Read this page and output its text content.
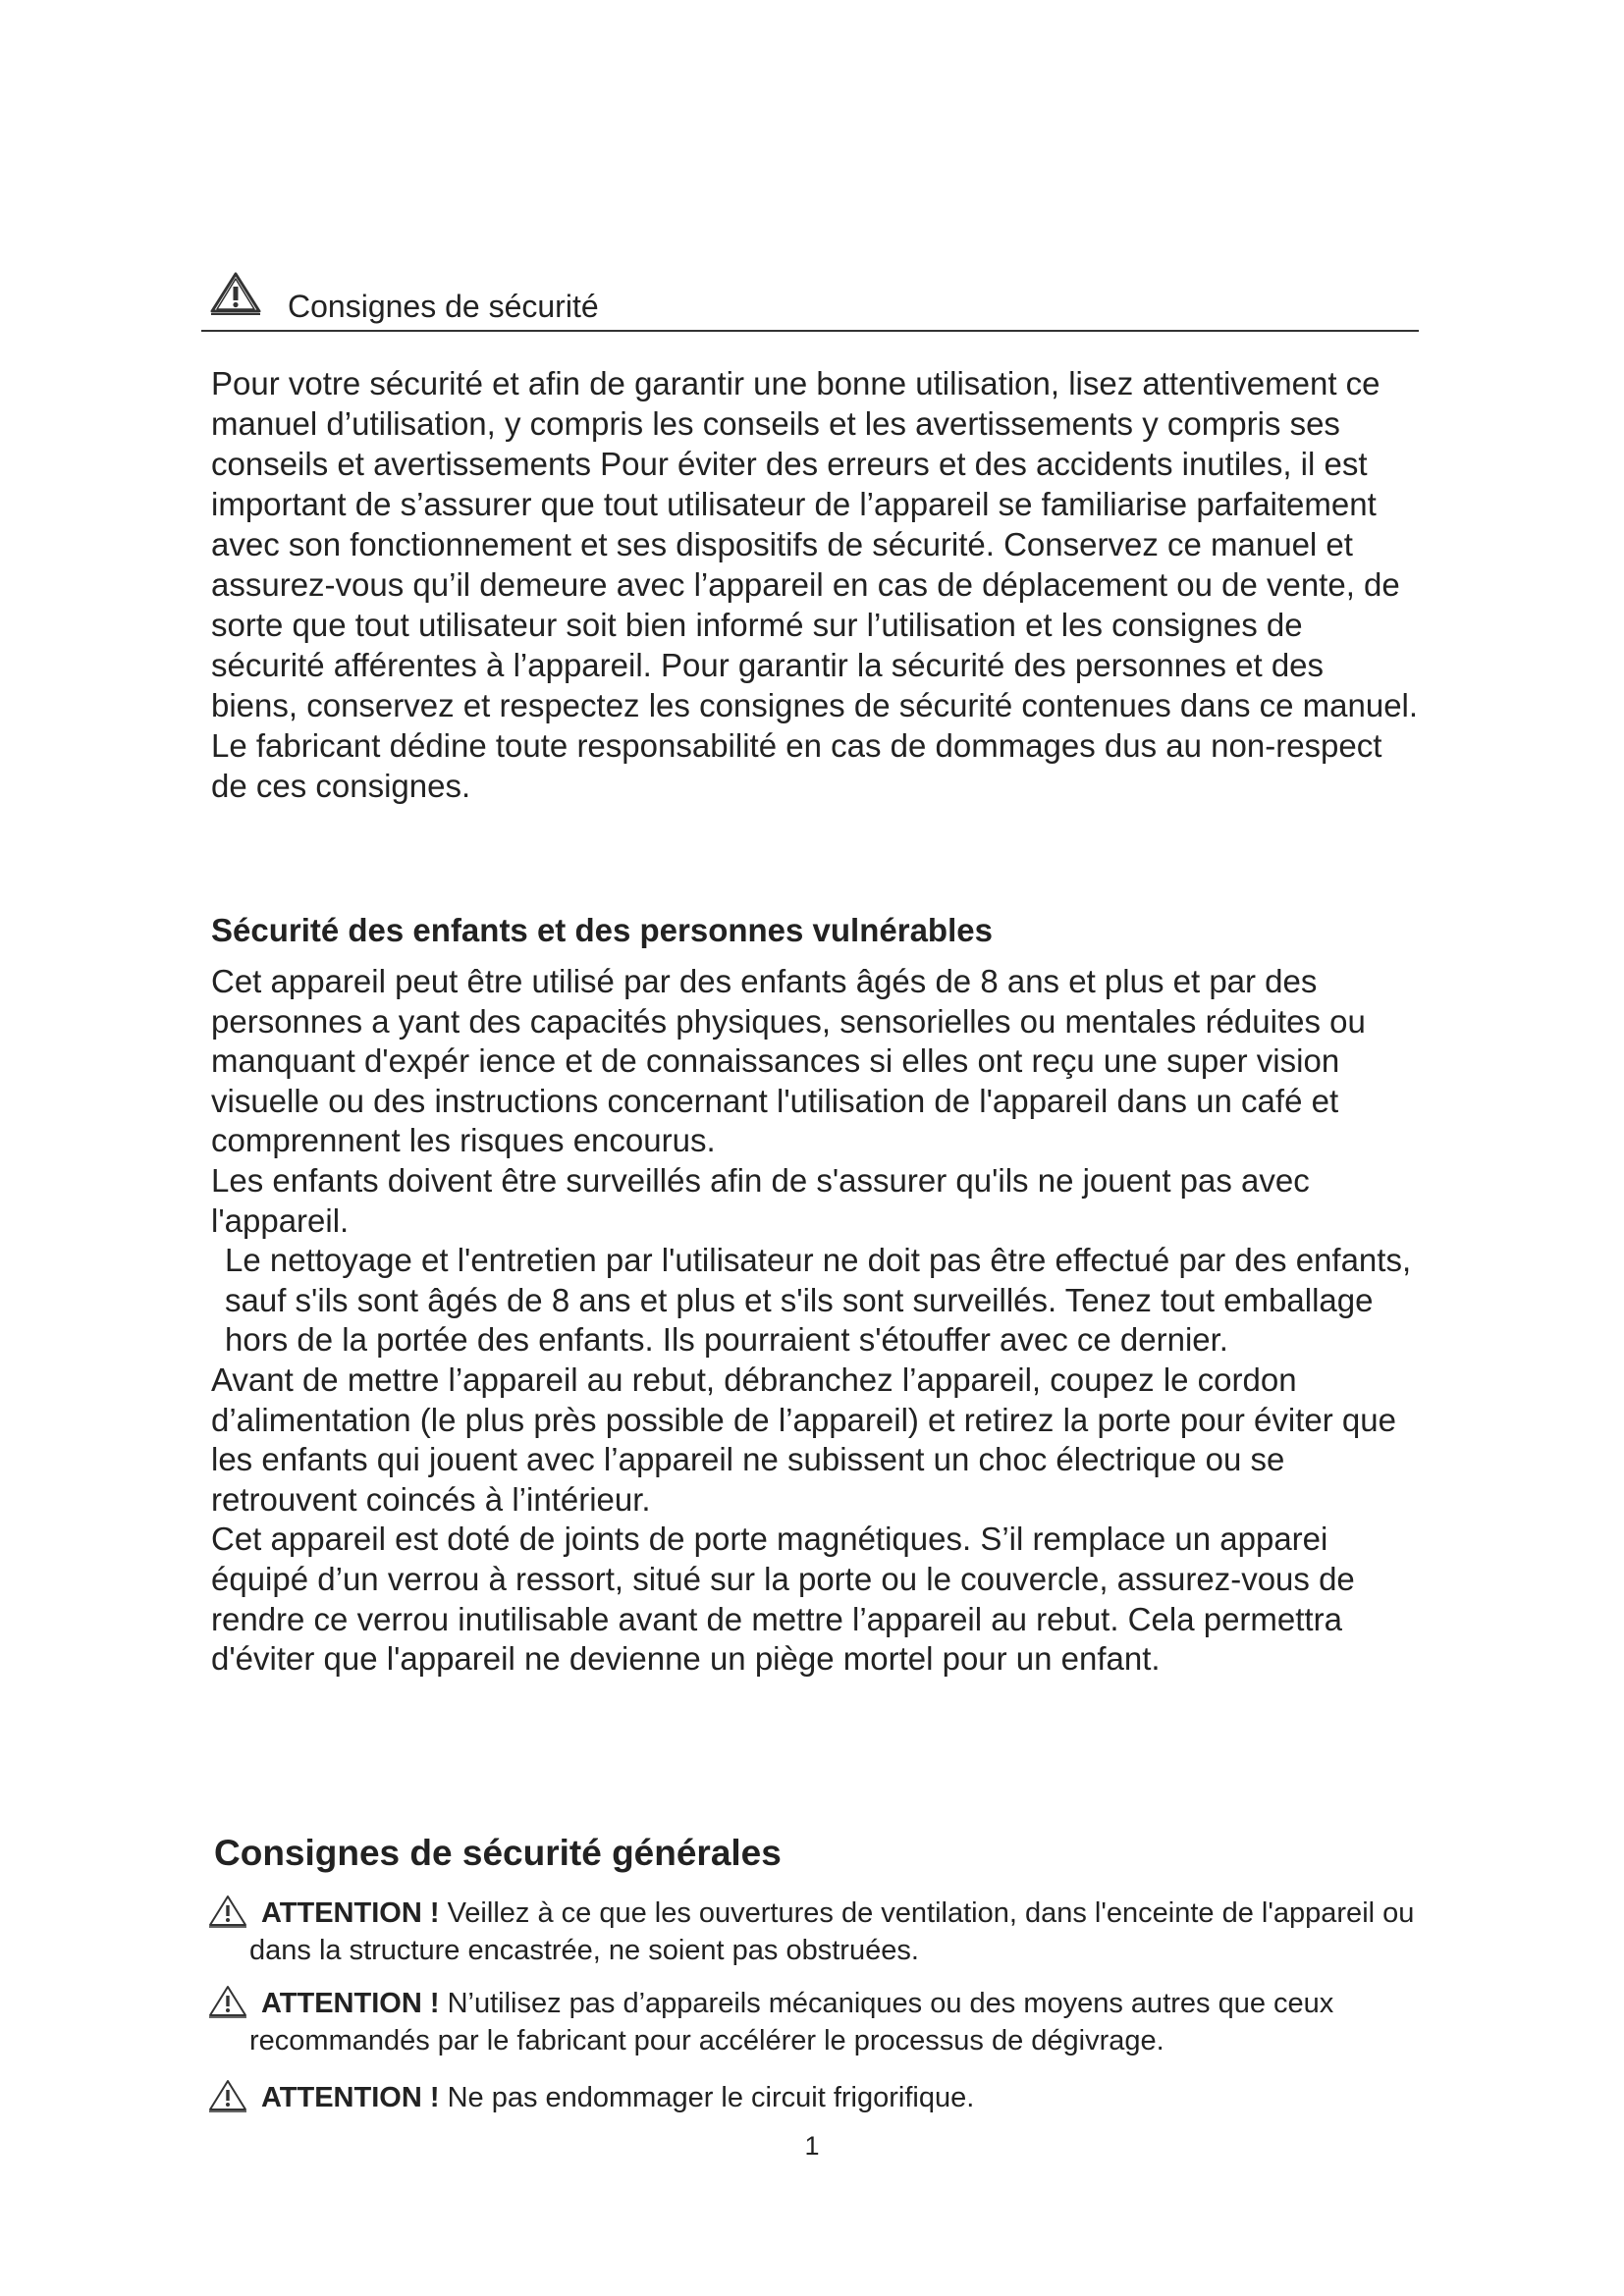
Consignes de sécurité

Pour votre sécurité et afin de garantir une bonne utilisation, lisez attentivement ce manuel d’utilisation, y compris les conseils et les avertissements y compris ses conseils et avertissements Pour éviter des erreurs et des accidents inutiles, il est important de s’assurer que tout utilisateur de l’appareil se familiarise parfaitement avec son fonctionnement et ses dispositifs de sécurité. Conservez ce manuel et assurez-vous qu’il demeure avec l’appareil en cas de déplacement ou de vente, de sorte que tout utilisateur soit bien informé sur l’utilisation et les consignes de sécurité afférentes à l’appareil. Pour garantir la sécurité des personnes et des biens, conservez et respectez les consignes de sécurité contenues dans ce manuel. Le fabricant dédine toute responsabilité en cas de dommages dus au non-respect de ces consignes.

Sécurité des enfants et des personnes vulnérables

Cet appareil peut être utilisé par des enfants âgés de 8 ans et plus et par des personnes a yant des capacités physiques, sensorielles ou mentales réduites ou manquant d'expér ience et de connaissances si elles ont reçu une super vision visuelle ou des instructions concernant l'utilisation de l'appareil dans un café et comprennent les risques encourus.

Les enfants doivent être surveillés afin de s'assurer qu'ils ne jouent pas avec l'appareil.

Le nettoyage et l'entretien par l'utilisateur ne doit pas être effectué par des enfants, sauf s'ils sont âgés de 8 ans et plus et s'ils sont surveillés. Tenez tout emballage hors de la portée des enfants. Ils pourraient s'étouffer avec ce dernier.

Avant de mettre l’appareil au rebut, débranchez l’appareil, coupez le cordon d’alimentation (le plus près possible de l’appareil) et retirez la porte pour éviter que les enfants qui jouent avec l’appareil ne subissent un choc électrique ou se retrouvent coincés à l’intérieur.

Cet appareil est doté de joints de porte magnétiques. S’il remplace un apparei équipé d’un verrou à ressort, situé sur la porte ou le couvercle, assurez-vous de rendre ce verrou inutilisable avant de mettre l’appareil au rebut. Cela permettra d'éviter que l'appareil ne devienne un piège mortel pour un enfant.

Consignes de sécurité générales

ATTENTION ! Veillez à ce que les ouvertures de ventilation, dans l'enceinte de l'appareil ou dans la structure encastrée, ne soient pas obstruées.

ATTENTION ! N’utilisez pas d’appareils mécaniques ou des moyens autres que ceux recommandés par le fabricant pour accélérer le processus de dégivrage.

ATTENTION ! Ne pas endommager le circuit frigorifique.

1
